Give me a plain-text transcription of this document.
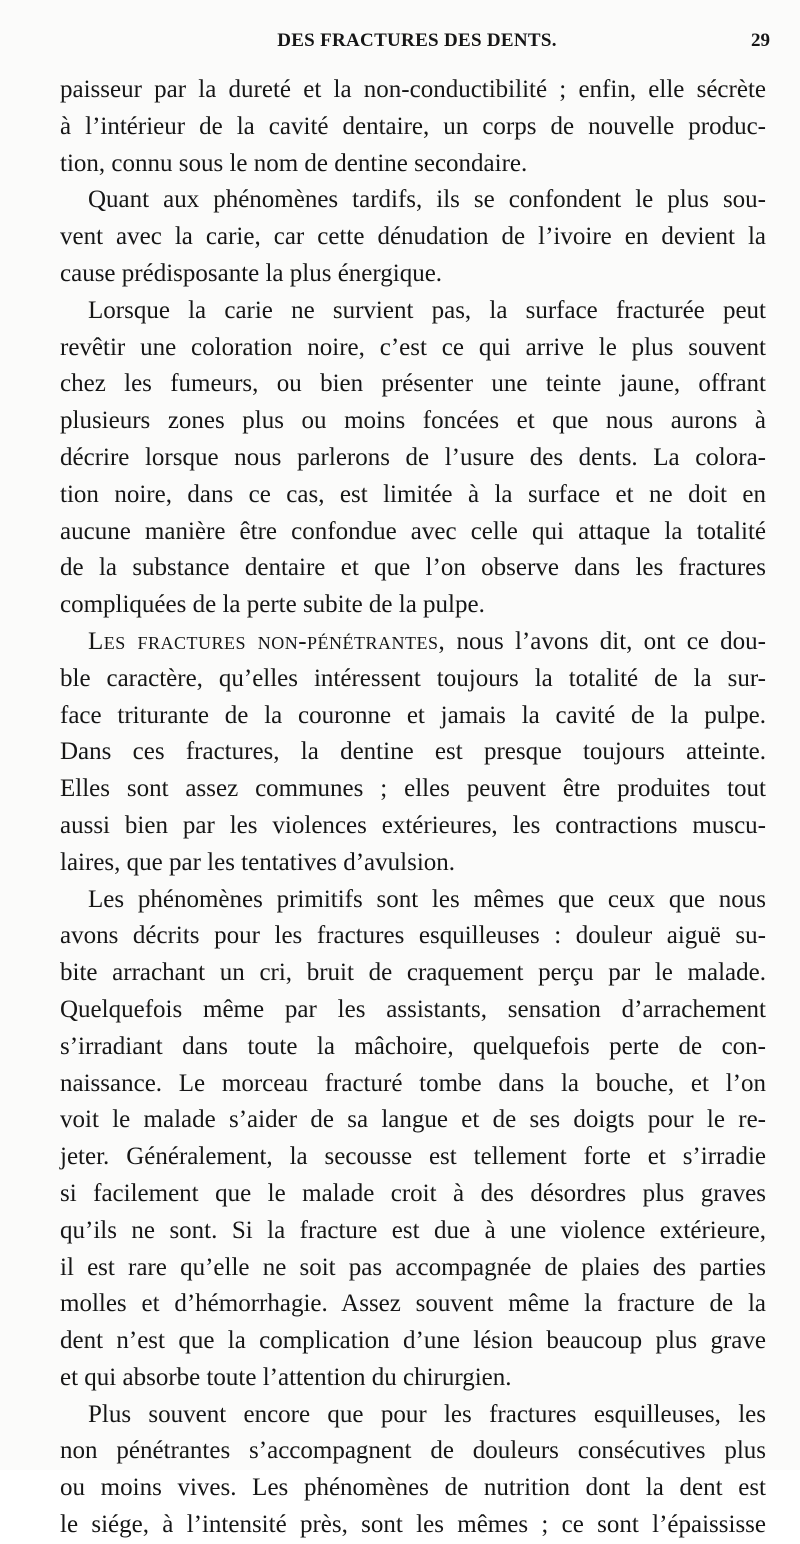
DES FRACTURES DES DENTS.	29
paisseur par la dureté et la non-conductibilité ; enfin, elle sécrète
à l’intérieur de la cavité dentaire, un corps de nouvelle produc-
tion, connu sous le nom de dentine secondaire.
Quant aux phénomènes tardifs, ils se confondent le plus sou-
vent avec la carie, car cette dénudation de l’ivoire en devient la
cause prédisposante la plus énergique.
Lorsque la carie ne survient pas, la surface fracturée peut
revêtir une coloration noire, c’est ce qui arrive le plus souvent
chez les fumeurs, ou bien présenter une teinte jaune, offrant
plusieurs zones plus ou moins foncées et que nous aurons à
décrire lorsque nous parlerons de l’usure des dents. La colora-
tion noire, dans ce cas, est limitée à la surface et ne doit en
aucune manière être confondue avec celle qui attaque la totalité
de la substance dentaire et que l’on observe dans les fractures
compliquées de la perte subite de la pulpe.
Les fractures non-pénétrantes, nous l’avons dit, ont ce dou-
ble caractère, qu’elles intéressent toujours la totalité de la sur-
face triturante de la couronne et jamais la cavité de la pulpe.
Dans ces fractures, la dentine est presque toujours atteinte.
Elles sont assez communes ; elles peuvent être produites tout
aussi bien par les violences extérieures, les contractions muscu-
laires, que par les tentatives d’avulsion.
Les phénomènes primitifs sont les mêmes que ceux que nous
avons décrits pour les fractures esquilleuses : douleur aiguë su-
bite arrachant un cri, bruit de craquement perçu par le malade.
Quelquefois même par les assistants, sensation d’arrachement
s’irradiant dans toute la mâchoire, quelquefois perte de con-
naissance. Le morceau fracturé tombe dans la bouche, et l’on
voit le malade s’aider de sa langue et de ses doigts pour le re-
jeter. Généralement, la secousse est tellement forte et s’irradie
si facilement que le malade croit à des désordres plus graves
qu’ils ne sont. Si la fracture est due à une violence extérieure,
il est rare qu’elle ne soit pas accompagnée de plaies des parties
molles et d’hémorrhagie. Assez souvent même la fracture de la
dent n’est que la complication d’une lésion beaucoup plus grave
et qui absorbe toute l’attention du chirurgien.
Plus souvent encore que pour les fractures esquilleuses, les
non pénétrantes s’accompagnent de douleurs consécutives plus
ou moins vives. Les phénomènes de nutrition dont la dent est
le siége, à l’intensité près, sont les mêmes ; ce sont l’épaississe
